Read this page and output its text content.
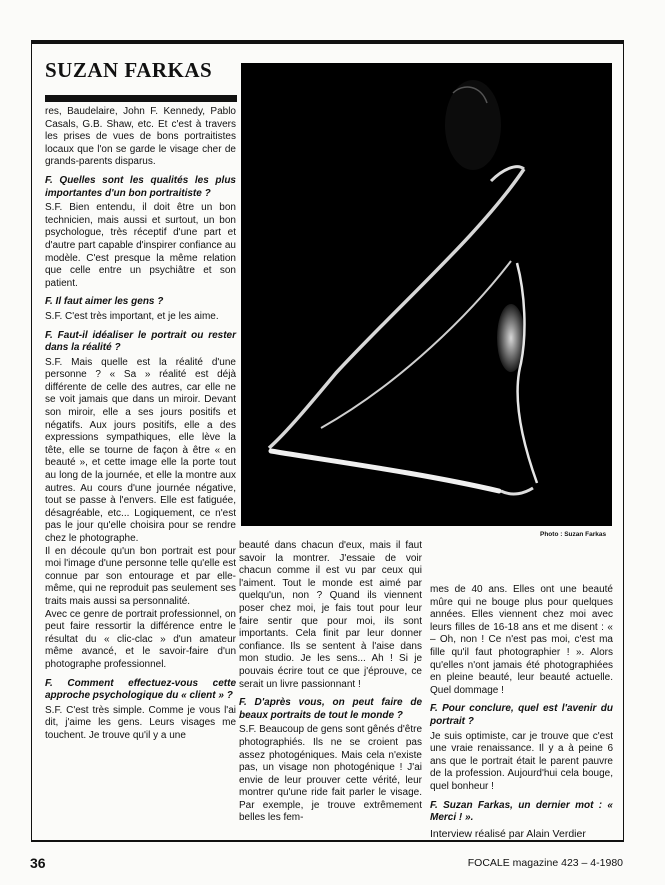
SUZAN FARKAS
Photo : Suzan Farkas

res, Baudelaire, John F. Kennedy, Pablo Casals, G.B. Shaw, etc. Et c'est à travers les prises de vues de bons portraitistes locaux que l'on se garde le visage cher de grands-parents disparus.

F. Quelles sont les qualités les plus importantes d'un bon portraitiste ?

S.F. Bien entendu, il doit être un bon technicien, mais aussi et surtout, un bon psychologue, très réceptif d'une part et d'autre part capable d'inspirer confiance au modèle. C'est presque la même relation que celle entre un psychiâtre et son patient.

F. Il faut aimer les gens ?

S.F. C'est très important, et je les aime.

F. Faut-il idéaliser le portrait ou rester dans la réalité ?

S.F. Mais quelle est la réalité d'une personne ? « Sa » réalité est déjà différente de celle des autres, car elle ne se voit jamais que dans un miroir. Devant son miroir, elle a ses jours positifs et négatifs. Aux jours positifs, elle a des expressions sympathiques, elle lève la tête, elle se tourne de façon à être « en beauté », et cette image elle la porte tout au long de la journée, et elle la montre aux autres. Au cours d'une journée négative, tout se passe à l'envers. Elle est fatiguée, désagréable, etc... Logiquement, ce n'est pas le jour qu'elle choisira pour se rendre chez le photographe.

Il en découle qu'un bon portrait est pour moi l'image d'une personne telle qu'elle est connue par son entourage et par elle-même, qui ne reproduit pas seulement ses traits mais aussi sa personnalité.

Avec ce genre de portrait professionnel, on peut faire ressortir la différence entre le résultat du « clic-clac » d'un amateur même avancé, et le savoir-faire d'un photographe professionnel.

F. Comment effectuez-vous cette approche psychologique du « client » ?

S.F. C'est très simple. Comme je vous l'ai dit, j'aime les gens. Leurs visages me touchent. Je trouve qu'il y a une

beauté dans chacun d'eux, mais il faut savoir la montrer. J'essaie de voir chacun comme il est vu par ceux qui l'aiment. Tout le monde est aimé par quelqu'un, non ? Quand ils viennent poser chez moi, je fais tout pour leur faire sentir que pour moi, ils sont importants. Cela finit par leur donner confiance. Ils se sentent à l'aise dans mon studio. Je les sens... Ah ! Si je pouvais écrire tout ce que j'éprouve, ce serait un livre passionnant !

F. D'après vous, on peut faire de beaux portraits de tout le monde ?

S.F. Beaucoup de gens sont gênés d'être photographiés. Ils ne se croient pas assez photogéniques. Mais cela n'existe pas, un visage non photogénique ! J'ai envie de leur prouver cette vérité, leur montrer qu'une ride fait parler le visage. Par exemple, je trouve extrêmement belles les fem-

mes de 40 ans. Elles ont une beauté mûre qui ne bouge plus pour quelques années. Elles viennent chez moi avec leurs filles de 16-18 ans et me disent : « – Oh, non ! Ce n'est pas moi, c'est ma fille qu'il faut photographier ! ». Alors qu'elles n'ont jamais été photographiées en pleine beauté, leur beauté actuelle. Quel dommage !

F. Pour conclure, quel est l'avenir du portrait ?

Je suis optimiste, car je trouve que c'est une vraie renaissance. Il y a à peine 6 ans que le portrait était le parent pauvre de la profession. Aujourd'hui cela bouge, quel bonheur !

F. Suzan Farkas, un dernier mot : « Merci ! ».

Interview réalisé par Alain Verdier

36	FOCALE magazine 423 – 4-1980
